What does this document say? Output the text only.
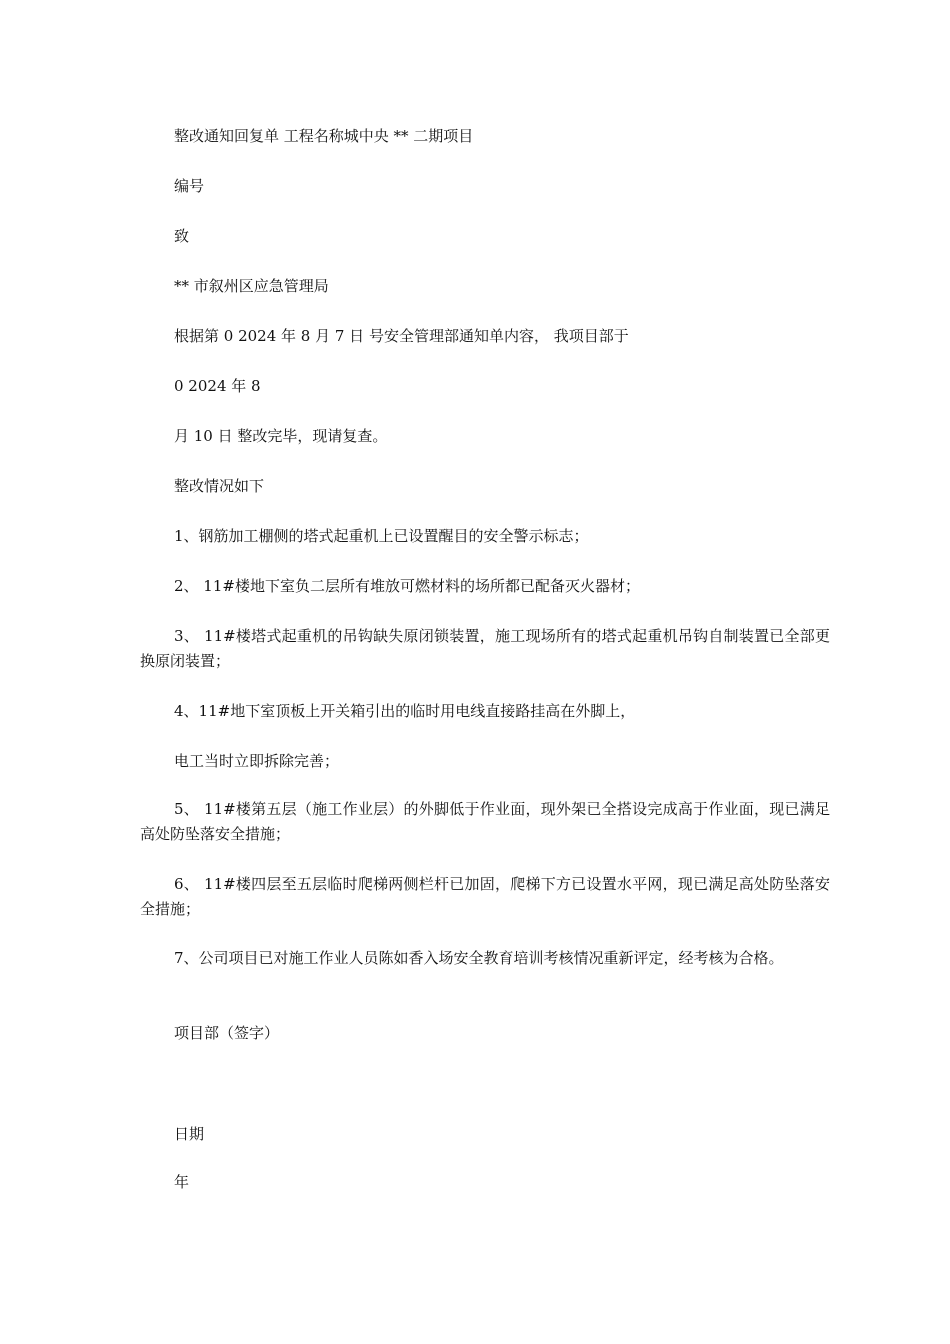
整改通知回复单 工程名称城中央 ** 二期项目
编号
致
** 市叙州区应急管理局
根据第 0 2024 年 8 月 7 日 号安全管理部通知单内容， 我项目部于
0 2024 年 8
月 10 日 整改完毕，现请复查。
整改情况如下
1、钢筋加工棚侧的塔式起重机上已设置醒目的安全警示标志；
2、 11#楼地下室负二层所有堆放可燃材料的场所都已配备灭火器材；
3、 11#楼塔式起重机的吊钩缺失原闭锁装置，施工现场所有的塔式起重机吊钩自制装置已全部更换原闭装置；
4、11#地下室顶板上开关箱引出的临时用电线直接路挂高在外脚上，
电工当时立即拆除完善；
5、 11#楼第五层（施工作业层）的外脚低于作业面，现外架已全搭设完成高于作业面，现已满足高处防坠落安全措施；
6、 11#楼四层至五层临时爬梯两侧栏杆已加固，爬梯下方已设置水平网，现已满足高处防坠落安全措施；
7、公司项目已对施工作业人员陈如香入场安全教育培训考核情况重新评定，经考核为合格。
项目部（签字）
日期
年
